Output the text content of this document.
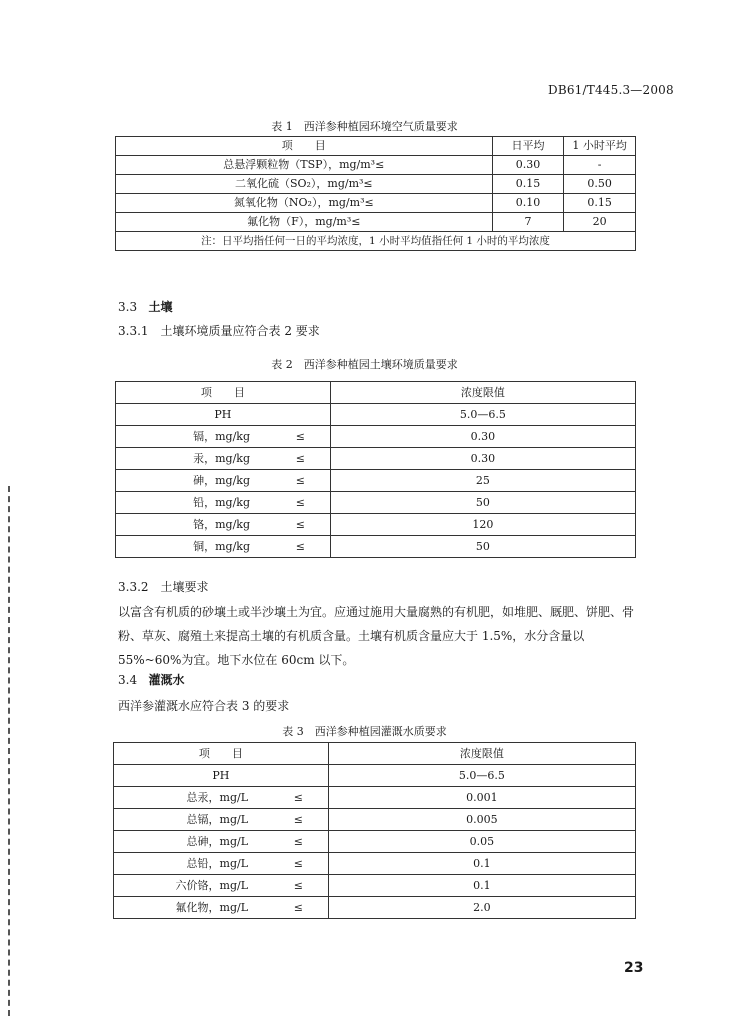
DB61/T445.3—2008
表 1　西洋参种植园环境空气质量要求
项　　目	日平均	1 小时平均
总悬浮颗粒物（TSP），mg/m³≤	0.30	-
二氧化硫（SO₂），mg/m³≤	0.15	0.50
氮氧化物（NO₂），mg/m³≤	0.10	0.15
氟化物（F），mg/m³≤	7	20
注：日平均指任何一日的平均浓度，1 小时平均值指任何 1 小时的平均浓度		
3.3 土壤
3.3.1　土壤环境质量应符合表 2 要求
表 2　西洋参种植园土壤环境质量要求
项　　目	浓度限值
PH	5.0—6.5
镉，mg/kg ≤	0.30
汞，mg/kg ≤	0.30
砷，mg/kg ≤	25
铅，mg/kg ≤	50
铬，mg/kg ≤	120
铜，mg/kg ≤	50
3.3.2　土壤要求
以富含有机质的砂壤土或半沙壤土为宜。应通过施用大量腐熟的有机肥，如堆肥、厩肥、饼肥、骨粉、草灰、腐殖土来提高土壤的有机质含量。土壤有机质含量应大于 1.5%，水分含量以 55%~60%为宜。地下水位在 60cm 以下。
3.4 灌溉水
西洋参灌溉水应符合表 3 的要求
表 3　西洋参种植园灌溉水质要求
项　　目	浓度限值
PH	5.0—6.5
总汞，mg/L ≤	0.001
总镉，mg/L ≤	0.005
总砷，mg/L ≤	0.05
总铅，mg/L ≤	0.1
六价铬，mg/L ≤	0.1
氟化物，mg/L ≤	2.0
23
